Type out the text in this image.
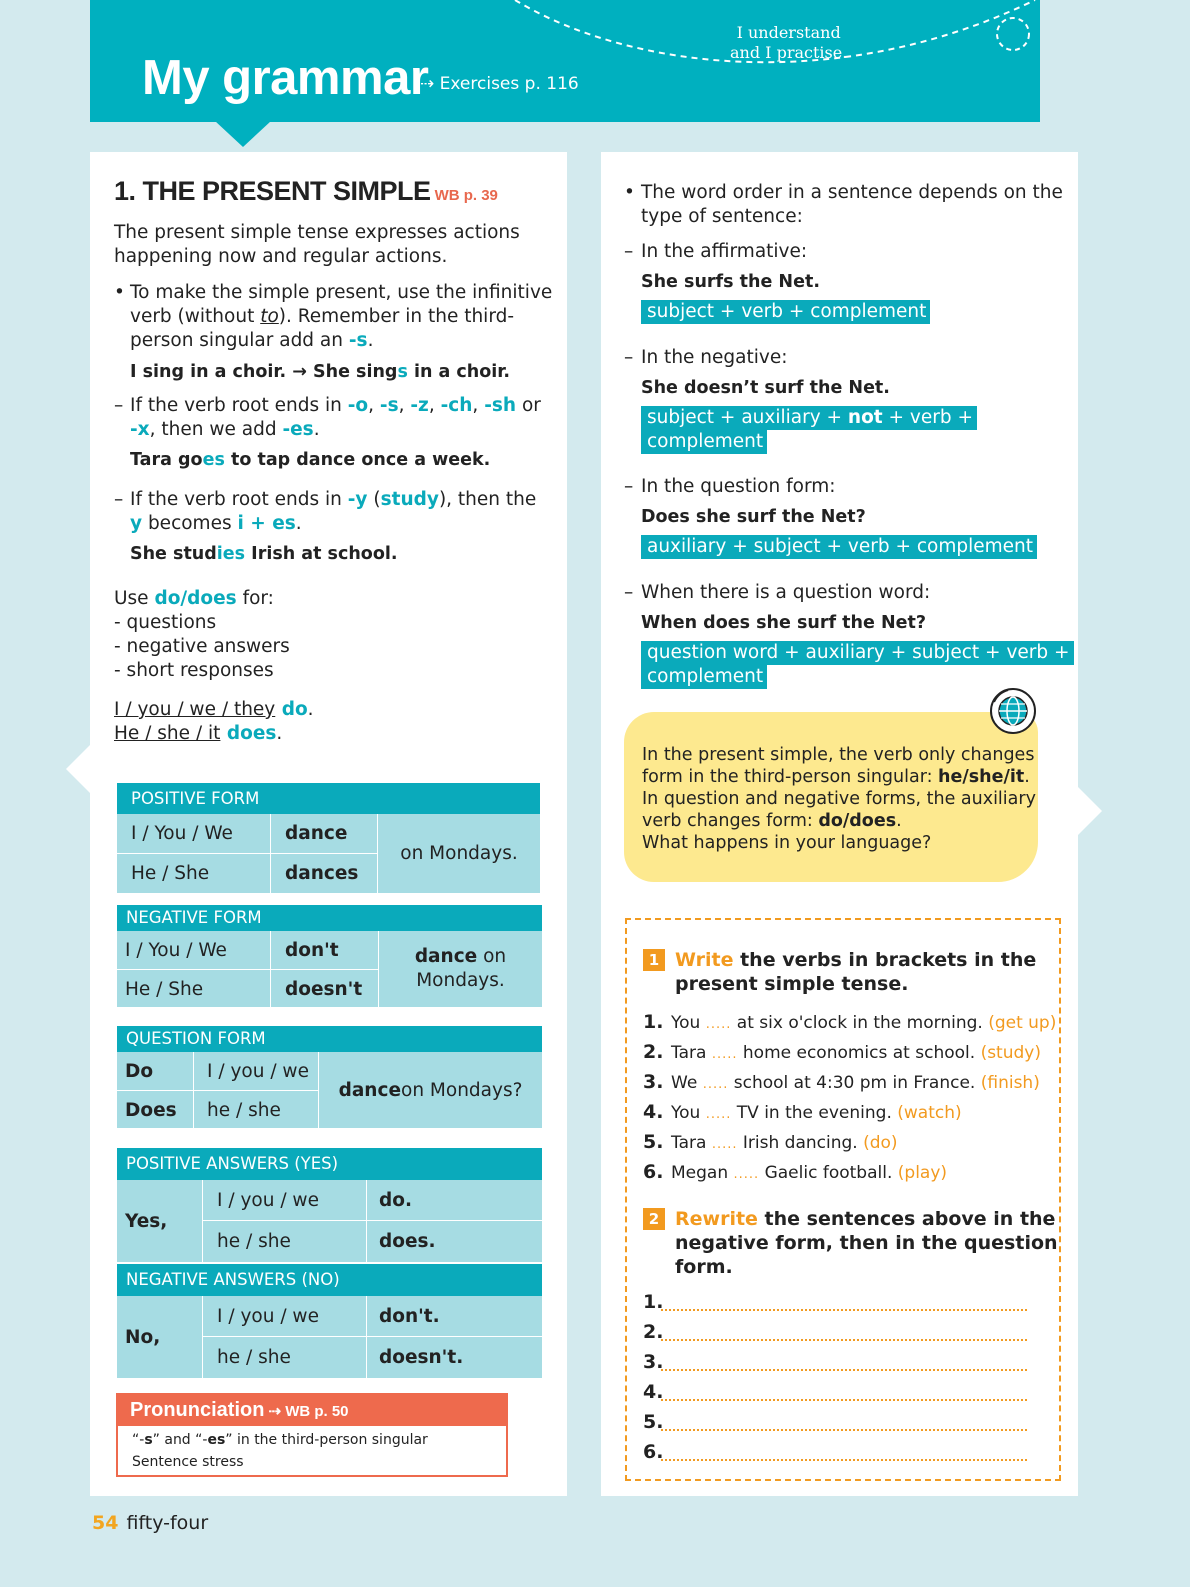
My grammar
⇢ Exercises p. 116
I understand
and I practise.
1. THE PRESENT SIMPLE WB p. 39
The present simple tense expresses actions
happening now and regular actions.
• To make the simple present, use the infinitive
verb (without to). Remember in the third-
person singular add an -s.
I sing in a choir. → She sings in a choir.
– If the verb root ends in -o, -s, -z, -ch, -sh or
-x, then we add -es.
Tara goes to tap dance once a week.
– If the verb root ends in -y (study), then the
y becomes i + es.
She studies Irish at school.
Use do/does for:
- questions
- negative answers
- short responses
I / you / we / they do.
He / she / it does.
POSITIVE FORM
I / You / We	dance
He / She	dances
on Mondays.
NEGATIVE FORM
I / You / We	don't
He / She	doesn't
dance on
Mondays.
QUESTION FORM
Do	I / you / we
Does he / she
dance on Mondays?
POSITIVE ANSWERS (YES)
Yes,
I / you / we	do.
he / she	does.
NEGATIVE ANSWERS (NO)
No,
I / you / we	don't.
he / she	doesn't.
Pronunciation ⇢ WB p. 50
“-s” and “-es” in the third-person singular
Sentence stress
• The word order in a sentence depends on the
type of sentence:
– In the affirmative:
She surfs the Net.
subject + verb + complement
– In the negative:
She doesn’t surf the Net.
subject + auxiliary + not + verb +
complement
– In the question form:
Does she surf the Net?
auxiliary + subject + verb + complement
– When there is a question word:
When does she surf the Net?
question word + auxiliary + subject + verb +
complement
In the present simple, the verb only changes
form in the third-person singular: he/she/it.
In question and negative forms, the auxiliary
verb changes form: do/does.
What happens in your language?
1 Write the verbs in brackets in the
present simple tense.
1. You ..... at six o'clock in the morning. (get up)
2. Tara ..... home economics at school. (study)
3. We ..... school at 4:30 pm in France. (finish)
4. You ..... TV in the evening. (watch)
5. Tara ..... Irish dancing. (do)
6. Megan ..... Gaelic football. (play)
2 Rewrite the sentences above in the
negative form, then in the question
form.
1.
2.
3.
4.
5.
6.
54 fifty-four
